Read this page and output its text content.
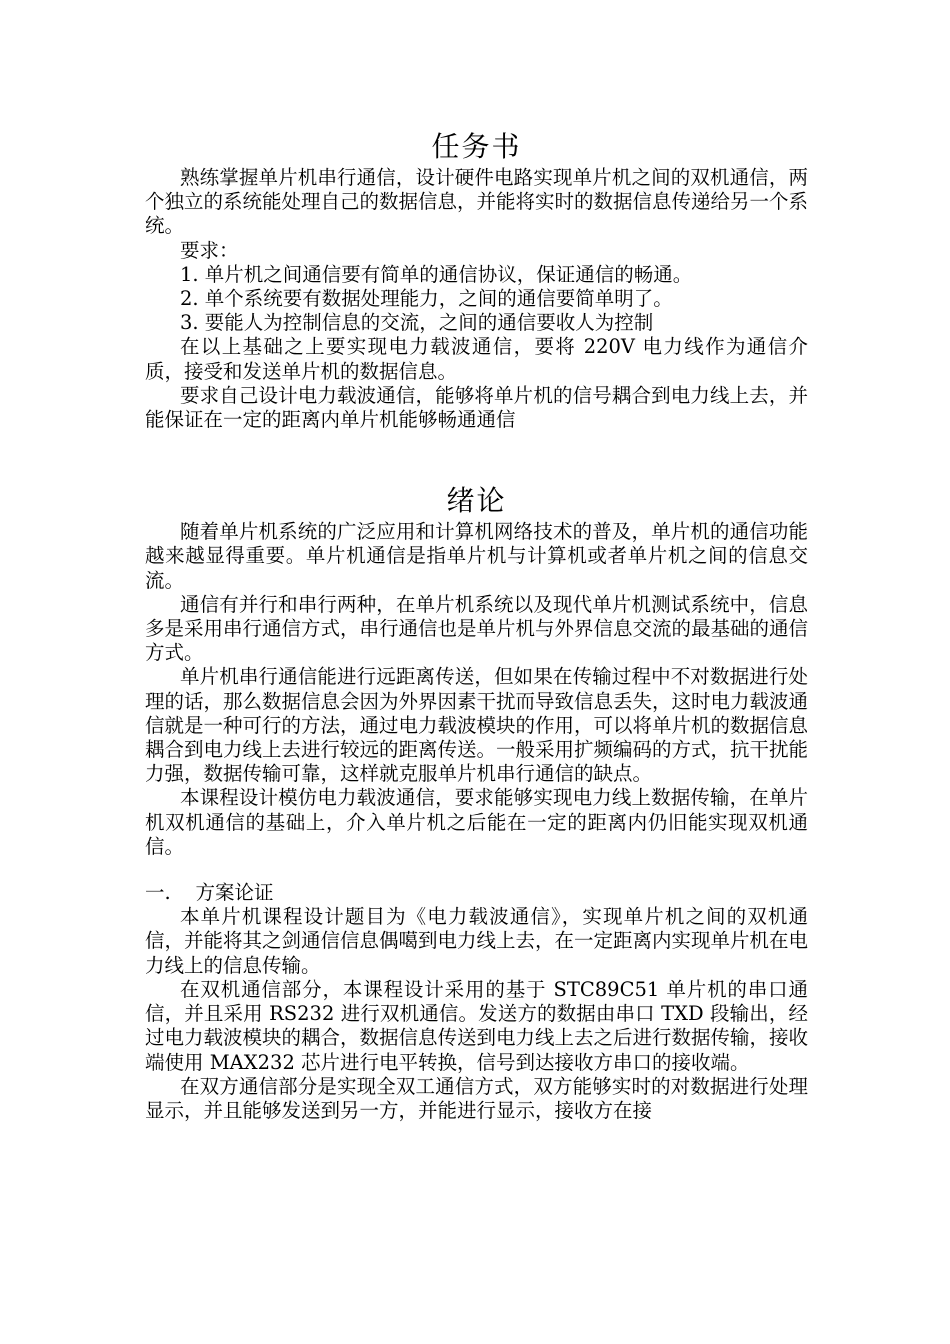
任务书

熟练掌握单片机串行通信，设计硬件电路实现单片机之间的双机通信，两个独立的系统能处理自己的数据信息，并能将实时的数据信息传递给另一个系统。

要求：

1. 单片机之间通信要有简单的通信协议，保证通信的畅通。

2. 单个系统要有数据处理能力，之间的通信要简单明了。

3. 要能人为控制信息的交流，之间的通信要收人为控制

在以上基础之上要实现电力载波通信，要将 220V 电力线作为通信介质，接受和发送单片机的数据信息。

要求自己设计电力载波通信，能够将单片机的信号耦合到电力线上去，并能保证在一定的距离内单片机能够畅通通信

绪论

随着单片机系统的广泛应用和计算机网络技术的普及，单片机的通信功能越来越显得重要。单片机通信是指单片机与计算机或者单片机之间的信息交流。

通信有并行和串行两种，在单片机系统以及现代单片机测试系统中，信息多是采用串行通信方式，串行通信也是单片机与外界信息交流的最基础的通信方式。

单片机串行通信能进行远距离传送，但如果在传输过程中不对数据进行处理的话，那么数据信息会因为外界因素干扰而导致信息丢失，这时电力载波通信就是一种可行的方法，通过电力载波模块的作用，可以将单片机的数据信息耦合到电力线上去进行较远的距离传送。一般采用扩频编码的方式，抗干扰能力强，数据传输可靠，这样就克服单片机串行通信的缺点。

本课程设计模仿电力载波通信，要求能够实现电力线上数据传输，在单片机双机通信的基础上，介入单片机之后能在一定的距离内仍旧能实现双机通信。

一.    方案论证

本单片机课程设计题目为《电力载波通信》，实现单片机之间的双机通信，并能将其之剑通信信息偶噶到电力线上去，在一定距离内实现单片机在电力线上的信息传输。

在双机通信部分，本课程设计采用的基于 STC89C51 单片机的串口通信，并且采用 RS232 进行双机通信。发送方的数据由串口 TXD 段输出，经过电力载波模块的耦合，数据信息传送到电力线上去之后进行数据传输，接收端使用 MAX232 芯片进行电平转换，信号到达接收方串口的接收端。

在双方通信部分是实现全双工通信方式，双方能够实时的对数据进行处理显示，并且能够发送到另一方，并能进行显示，接收方在接
